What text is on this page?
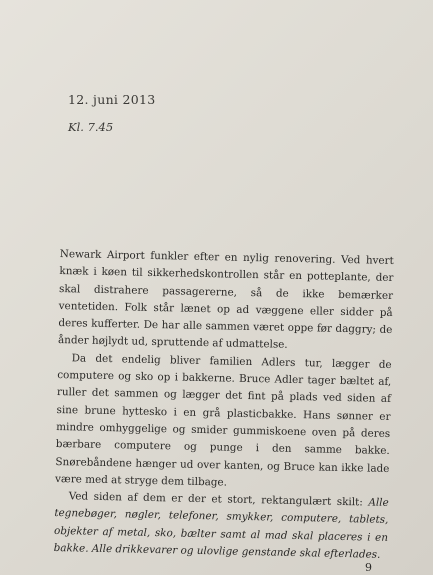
12. juni 2013
Kl. 7.45

Newark Airport funkler efter en nylig renovering. Ved hvert knæk i køen til sikkerhedskontrollen står en potteplante, der skal distrahere passagererne, så de ikke bemærker ventetiden. Folk står lænet op ad væggene eller sidder på deres kufferter. De har alle sammen været oppe før daggry; de ånder højlydt ud, spruttende af udmattelse.

Da det endelig bliver familien Adlers tur, lægger de computere og sko op i bakkerne. Bruce Adler tager bæltet af, ruller det sammen og lægger det fint på plads ved siden af sine brune hyttesko i en grå plasticbakke. Hans sønner er mindre omhyggelige og smider gummiskoene oven på deres bærbare computere og punge i den samme bakke. Snørebåndene hænger ud over kanten, og Bruce kan ikke lade være med at stryge dem tilbage.

Ved siden af dem er der et stort, rektangulært skilt: Alle tegnebøger, nøgler, telefoner, smykker, computere, tablets, objekter af metal, sko, bælter samt al mad skal placeres i en bakke. Alle drikkevarer og ulovlige genstande skal efterlades.

9
